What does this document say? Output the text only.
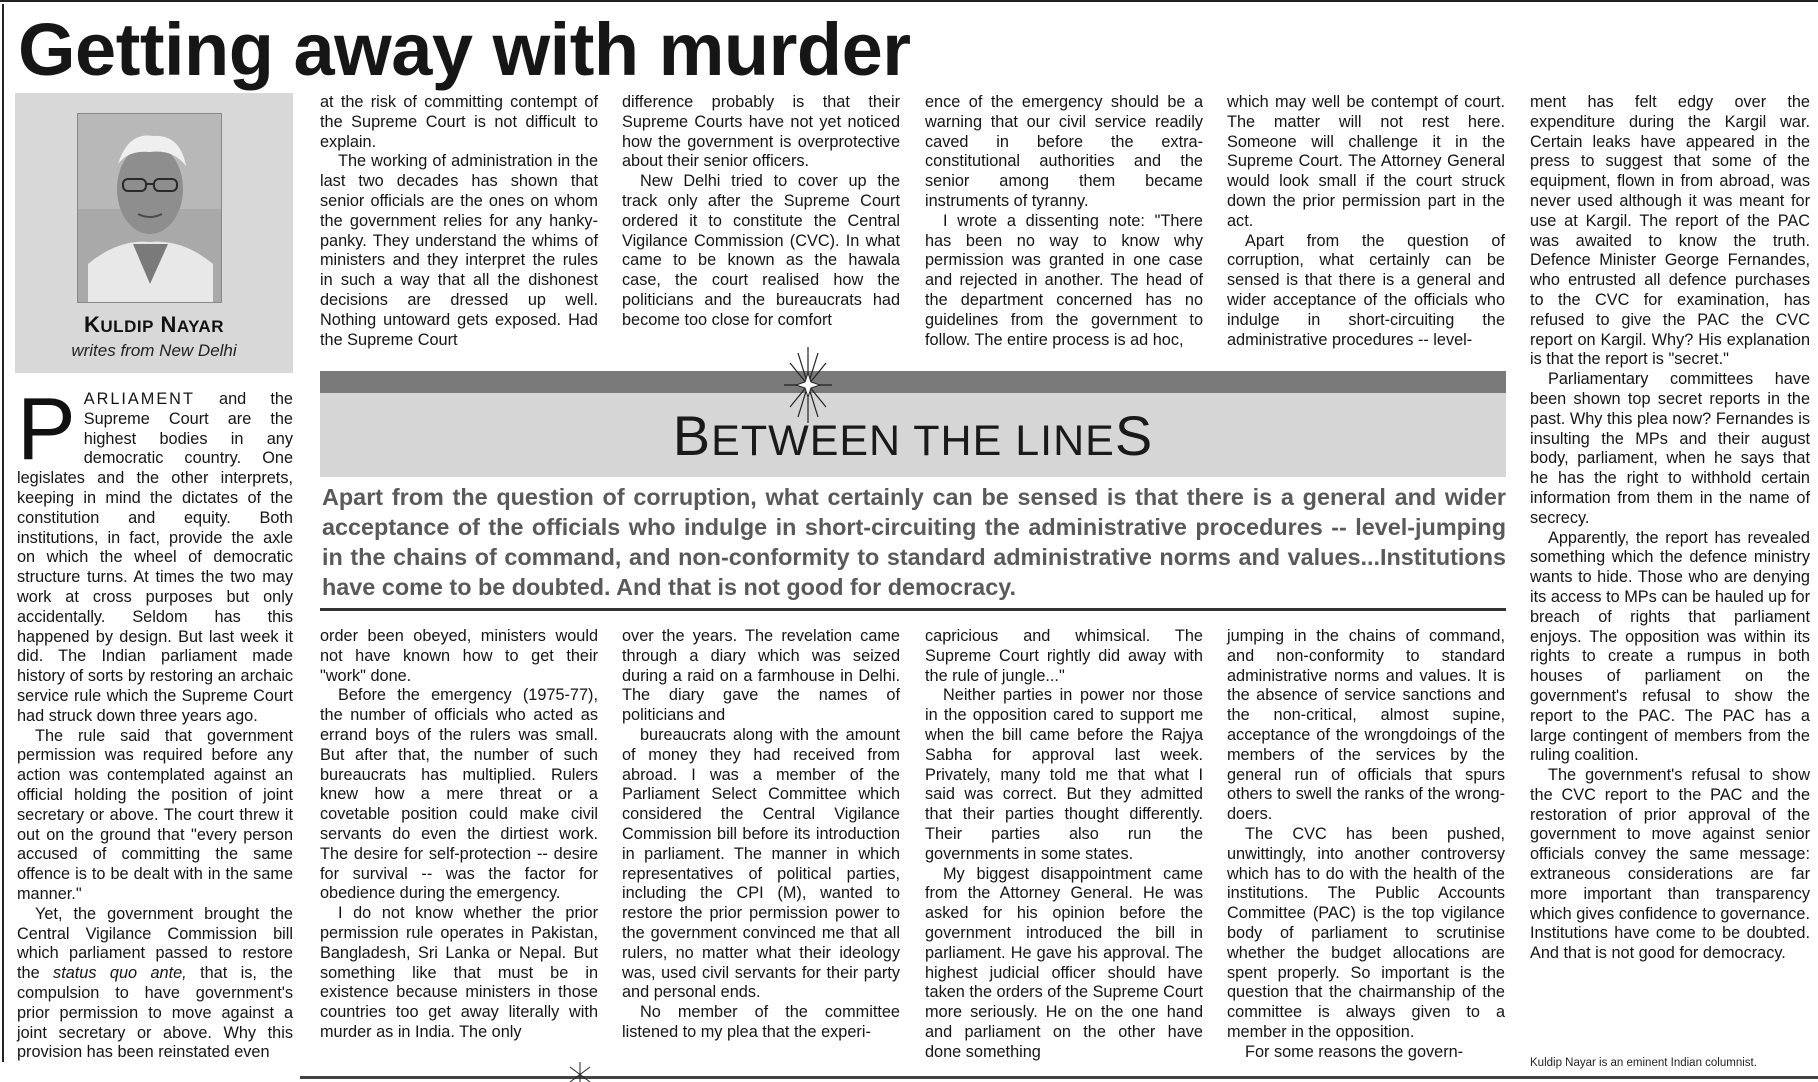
Getting away with murder
KULDIP NAYAR
writes from New Delhi

PARLIAMENT and the Supreme Court are the highest bodies in any democratic country. One legislates and the other interprets, keeping in mind the dictates of the constitution and equity. Both institutions, in fact, provide the axle on which the wheel of democratic structure turns. At times the two may work at cross purposes but only accidentally. Seldom has this happened by design. But last week it did. The Indian parliament made history of sorts by restoring an archaic service rule which the Supreme Court had struck down three years ago.

The rule said that government permission was required before any action was contemplated against an official holding the position of joint secretary or above. The court threw it out on the ground that "every person accused of committing the same offence is to be dealt with in the same manner."

Yet, the government brought the Central Vigilance Commission bill which parliament passed to restore the status quo ante, that is, the compulsion to have government's prior permission to move against a joint secretary or above. Why this provision has been reinstated even

at the risk of committing contempt of the Supreme Court is not difficult to explain.

The working of administration in the last two decades has shown that senior officials are the ones on whom the government relies for any hanky-panky. They understand the whims of ministers and they interpret the rules in such a way that all the dishonest decisions are dressed up well. Nothing untoward gets exposed. Had the Supreme Court

difference probably is that their Supreme Courts have not yet noticed how the government is overprotective about their senior officers.

New Delhi tried to cover up the track only after the Supreme Court ordered it to constitute the Central Vigilance Commission (CVC). In what came to be known as the hawala case, the court realised how the politicians and the bureaucrats had become too close for comfort

ence of the emergency should be a warning that our civil service readily caved in before the extra-constitutional authorities and the senior among them became instruments of tyranny.

I wrote a dissenting note: "There has been no way to know why permission was granted in one case and rejected in another. The head of the department concerned has no guidelines from the government to follow. The entire process is ad hoc,

which may well be contempt of court. The matter will not rest here. Someone will challenge it in the Supreme Court. The Attorney General would look small if the court struck down the prior permission part in the act.

Apart from the question of corruption, what certainly can be sensed is that there is a general and wider acceptance of the officials who indulge in short-circuiting the administrative procedures -- level-

ment has felt edgy over the expenditure during the Kargil war. Certain leaks have appeared in the press to suggest that some of the equipment, flown in from abroad, was never used although it was meant for use at Kargil. The report of the PAC was awaited to know the truth. Defence Minister George Fernandes, who entrusted all defence purchases to the CVC for examination, has refused to give the PAC the CVC report on Kargil. Why? His explanation is that the report is "secret."

Parliamentary committees have been shown top secret reports in the past. Why this plea now? Fernandes is insulting the MPs and their august body, parliament, when he says that he has the right to withhold certain information from them in the name of secrecy.

Apparently, the report has revealed something which the defence ministry wants to hide. Those who are denying its access to MPs can be hauled up for breach of rights that parliament enjoys. The opposition was within its rights to create a rumpus in both houses of parliament on the government's refusal to show the report to the PAC. The PAC has a large contingent of members from the ruling coalition.

The government's refusal to show the CVC report to the PAC and the restoration of prior approval of the government to move against senior officials convey the same message: extraneous considerations are far more important than transparency which gives confidence to governance. Institutions have come to be doubted. And that is not good for democracy.

BETWEEN THE LINES
Apart from the question of corruption, what certainly can be sensed is that there is a general and wider acceptance of the officials who indulge in short-circuiting the administrative procedures -- level-jumping in the chains of command, and non-conformity to standard administrative norms and values...Institutions have come to be doubted. And that is not good for democracy.

order been obeyed, ministers would not have known how to get their "work" done.

Before the emergency (1975-77), the number of officials who acted as errand boys of the rulers was small. But after that, the number of such bureaucrats has multiplied. Rulers knew how a mere threat or a covetable position could make civil servants do even the dirtiest work. The desire for self-protection -- desire for survival -- was the factor for obedience during the emergency.

I do not know whether the prior permission rule operates in Pakistan, Bangladesh, Sri Lanka or Nepal. But something like that must be in existence because ministers in those countries too get away literally with murder as in India. The only

over the years. The revelation came through a diary which was seized during a raid on a farmhouse in Delhi. The diary gave the names of politicians and

bureaucrats along with the amount of money they had received from abroad. I was a member of the Parliament Select Committee which considered the Central Vigilance Commission bill before its introduction in parliament. The manner in which representatives of political parties, including the CPI (M), wanted to restore the prior permission power to the government convinced me that all rulers, no matter what their ideology was, used civil servants for their party and personal ends.

No member of the committee listened to my plea that the experi-

capricious and whimsical. The Supreme Court rightly did away with the rule of jungle..."

Neither parties in power nor those in the opposition cared to support me when the bill came before the Rajya Sabha for approval last week. Privately, many told me that what I said was correct. But they admitted that their parties thought differently. Their parties also run the governments in some states.

My biggest disappointment came from the Attorney General. He was asked for his opinion before the government introduced the bill in parliament. He gave his approval. The highest judicial officer should have taken the orders of the Supreme Court more seriously. He on the one hand and parliament on the other have done something

jumping in the chains of command, and non-conformity to standard administrative norms and values. It is the absence of service sanctions and the non-critical, almost supine, acceptance of the wrongdoings of the members of the services by the general run of officials that spurs others to swell the ranks of the wrong-doers.

The CVC has been pushed, unwittingly, into another controversy which has to do with the health of the institutions. The Public Accounts Committee (PAC) is the top vigilance body of parliament to scrutinise whether the budget allocations are spent properly. So important is the question that the chairmanship of the committee is always given to a member in the opposition.

For some reasons the govern-

Kuldip Nayar is an eminent Indian columnist.
